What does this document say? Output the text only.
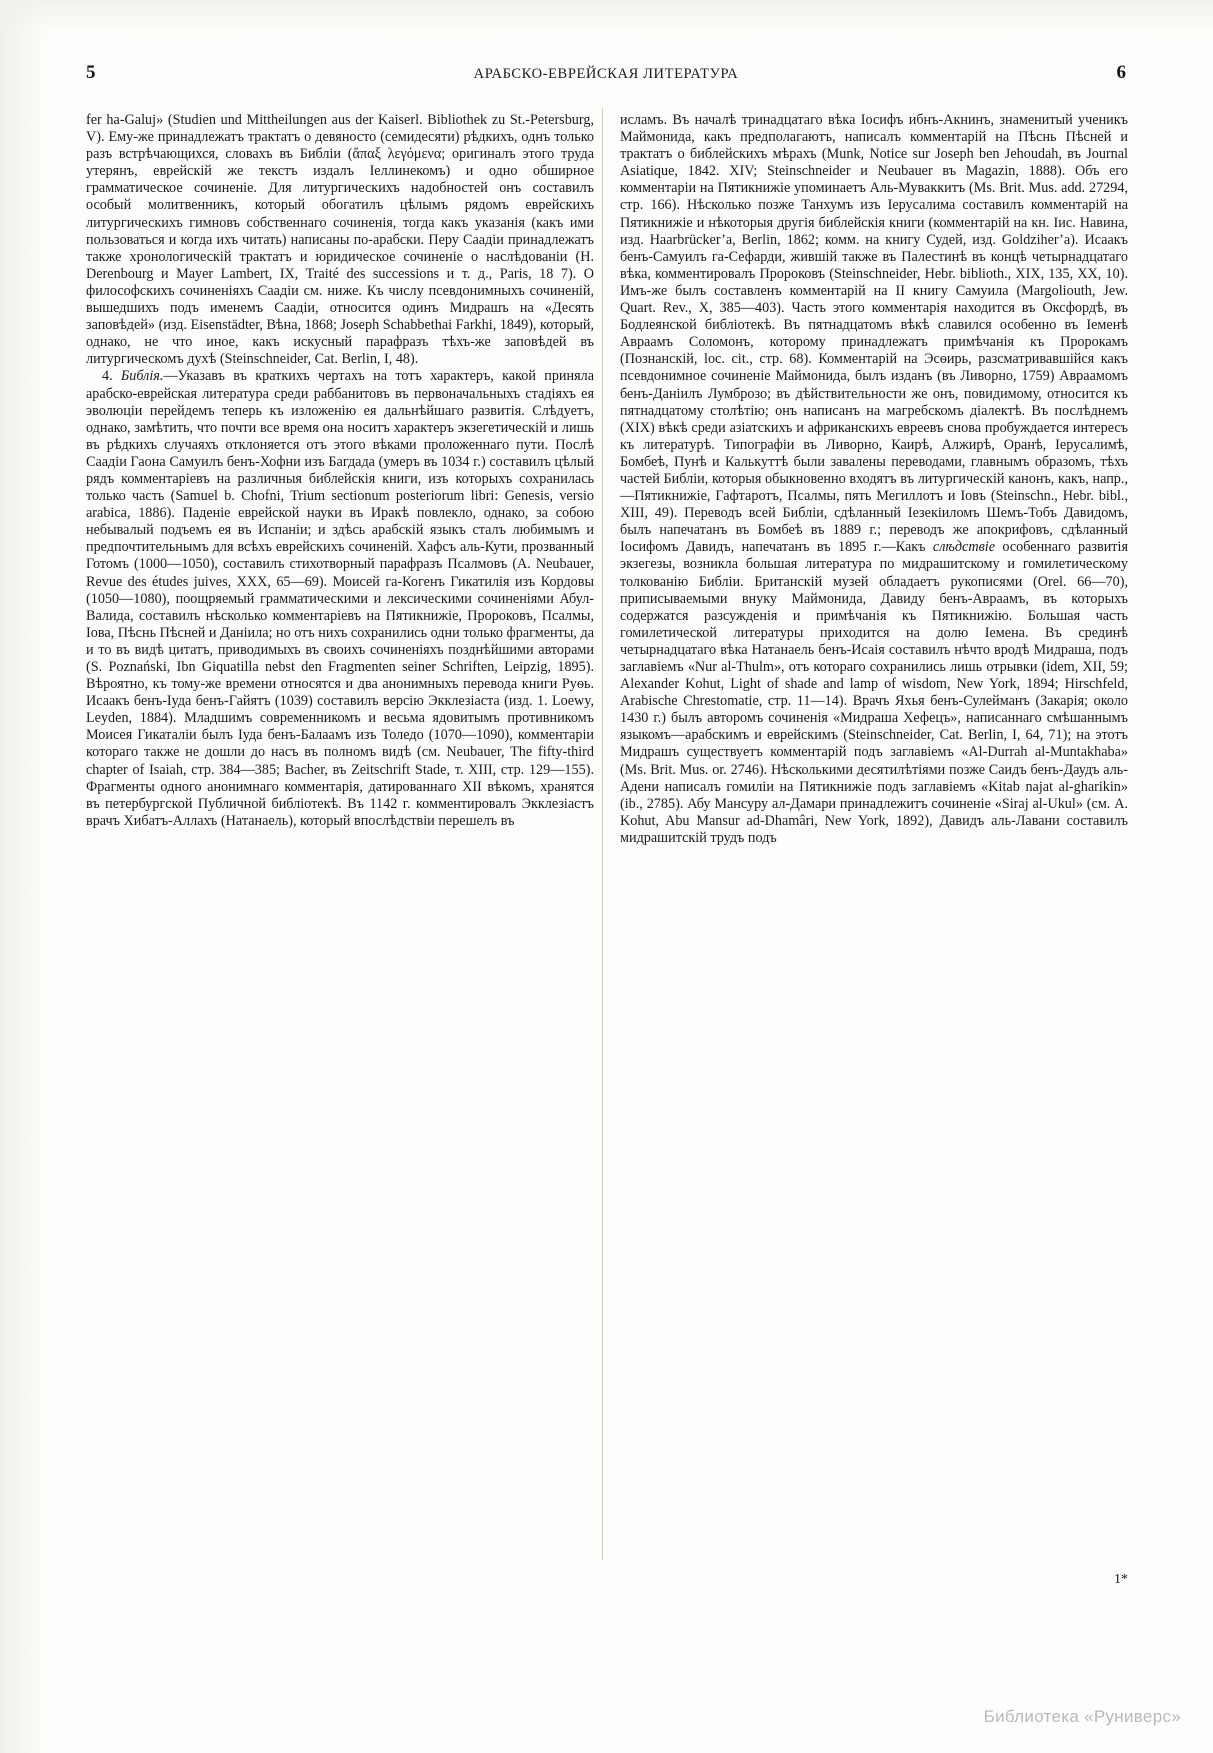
5	АРАБСКО-ЕВРЕЙСКАЯ ЛИТЕРАТУРА	6

fer ha-Galuj» (Studien und Mittheilungen aus der Kaiserl. Bibliothek zu St.-Petersburg, V). Ему-же принадлежатъ трактатъ о девяносто (семидесяти) рѣдкихъ, однъ только разъ встрѣчающихся, словахъ въ Библіи (ἅπαξ λεγόμενα; оригиналъ этого труда утерянъ, еврейскій же текстъ издалъ Іеллинекомъ) и одно обширное грамматическое сочиненіе. Для литургическихъ надобностей онъ составилъ особый молитвенникъ, который обогатилъ цѣлымъ рядомъ еврейскихъ литургическихъ гимновъ собственнаго сочиненія, тогда какъ указанія (какъ ими пользоваться и когда ихъ читать) написаны по-арабски. Перу Саадіи принадлежатъ также хронологическій трактатъ и юридическое сочиненіе о наслѣдованіи (H. Derenbourg и Mayer Lambert, IX, Traité des successions и т. д., Paris, 18 7). О философскихъ сочиненіяхъ Саадіи см. ниже. Къ числу псевдонимныхъ сочиненій, вышедшихъ подъ именемъ Саадіи, относится одинъ Мидрашъ на «Десять заповѣдей» (изд. Eisenstädter, Вѣна, 1868; Joseph Schabbethai Farkhi, 1849), который, однако, не что иное, какъ искусный парафразъ тѣхъ-же заповѣдей въ литургическомъ духѣ (Steinschneider, Cat. Berlin, I, 48).

4. Библія.—Указавъ въ краткихъ чертахъ на тотъ характеръ, какой приняла арабско-еврейская литература среди раббанитовъ въ первоначальныхъ стадіяхъ ея эволюціи перейдемъ теперь къ изложенію ея дальнѣйшаго развитія. Слѣдуетъ, однако, замѣтить, что почти все время она носитъ характеръ экзегетическій и лишь въ рѣдкихъ случаяхъ отклоняется отъ этого вѣками проложеннаго пути. Послѣ Саадіи Гаона Самуилъ бенъ-Хофни изъ Багдада (умеръ въ 1034 г.) составилъ цѣлый рядъ комментаріевъ на различныя библейскія книги, изъ которыхъ сохранилась только часть (Samuel b. Chofni, Trium sectionum posteriorum libri: Genesis, versio arabica, 1886). Паденіе еврейской науки въ Иракѣ повлекло, однако, за собою небывалый подъемъ ея въ Испаніи; и здѣсь арабскій языкъ сталъ любимымъ и предпочтительнымъ для всѣхъ еврейскихъ сочиненій. Хафсъ аль-Кути, прозванный Готомъ (1000—1050), составилъ стихотворный парафразъ Псалмовъ (A. Neubauer, Revue des études juives, XXX, 65—69). Моисей га-Когенъ Гикатилія изъ Кордовы (1050—1080), поощряемый грамматическими и лексическими сочиненіями Абул-Валида, составилъ нѣсколько комментаріевъ на Пятикнижіе, Пророковъ, Псалмы, Іова, Пѣснь Пѣсней и Даніила; но отъ нихъ сохранились одни только фрагменты, да и то въ видѣ цитатъ, приводимыхъ въ своихъ сочиненіяхъ позднѣйшими авторами (S. Poznański, Ibn Giquatilla nebst den Fragmenten seiner Schriften, Leipzig, 1895). Вѣроятно, къ тому-же времени относятся и два анонимныхъ перевода книги Руѳь. Исаакъ бенъ-Іуда бенъ-Гайятъ (1039) составилъ версію Экклезіаста (изд. 1. Loewy, Leyden, 1884). Младшимъ современникомъ и весьма ядовитымъ противникомъ Моисея Гикаталіи былъ Іуда бенъ-Балаамъ изъ Толедо (1070—1090), комментаріи котораго также не дошли до насъ въ полномъ видѣ (см. Neubauer, The fifty-third chapter of Isaiah, стр. 384—385; Bacher, въ Zeitschrift Stade, т. XIII, стр. 129—155). Фрагменты одного анонимнаго комментарія, датированнаго XII вѣкомъ, хранятся въ петербургской Публичной библіотекѣ. Въ 1142 г. комментировалъ Экклезіастъ врачъ Хибатъ-Аллахъ (Натанаель), который впослѣдствіи перешелъ въ

исламъ. Въ началѣ тринадцатаго вѣка Іосифъ ибнъ-Акнинъ, знаменитый ученикъ Маймонида, какъ предполагаютъ, написалъ комментарій на Пѣснь Пѣсней и трактатъ о библейскихъ мѣрахъ (Munk, Notice sur Joseph ben Jehoudah, въ Journal Asiatique, 1842. XIV; Steinschneider и Neubauer въ Magazin, 1888). Объ его комментаріи на Пятикнижіе упоминаетъ Аль-Муваккитъ (Ms. Brit. Mus. add. 27294, стр. 166). Нѣсколько позже Танхумъ изъ Іерусалима составилъ комментарій на Пятикнижіе и нѣкоторыя другія библейскія книги (комментарій на кн. Іис. Навина, изд. Haarbrücker’a, Berlin, 1862; комм. на книгу Судей, изд. Goldziher’a). Исаакъ бенъ-Самуилъ га-Сефарди, жившій также въ Палестинѣ въ концѣ четырнадцатаго вѣка, комментировалъ Пророковъ (Steinschneider, Hebr. biblioth., XIX, 135, XX, 10). Имъ-же былъ составленъ комментарій на II книгу Самуила (Margoliouth, Jew. Quart. Rev., X, 385—403). Часть этого комментарія находится въ Оксфордѣ, въ Бодлеянской библіотекѣ. Въ пятнадцатомъ вѣкѣ славился особенно въ Іеменѣ Авраамъ Соломонъ, которому принадлежатъ примѣчанія къ Пророкамъ (Познанскій, loc. cit., стр. 68). Комментарій на Эсѳирь, разсматривавшійся какъ псевдонимное сочиненіе Маймонида, былъ изданъ (въ Ливорно, 1759) Авраамомъ бенъ-Даніилъ Лумброзо; въ дѣйствительности же онъ, повидимому, относится къ пятнадцатому столѣтію; онъ написанъ на магребскомъ діалектѣ. Въ послѣднемъ (XIX) вѣкѣ среди азіатскихъ и африканскихъ евреевъ снова пробуждается интересъ къ литературѣ. Типографіи въ Ливорно, Каирѣ, Алжирѣ, Оранѣ, Іерусалимѣ, Бомбеѣ, Пунѣ и Калькуттѣ были завалены переводами, главнымъ образомъ, тѣхъ частей Библіи, которыя обыкновенно входятъ въ литургическій канонъ, какъ, напр.,—Пятикнижіе, Гафтаротъ, Псалмы, пять Мегиллотъ и Іовъ (Steinschn., Hebr. bibl., XIII, 49). Переводъ всей Библіи, сдѣланный Іезекіиломъ Шемъ-Тобъ Давидомъ, былъ напечатанъ въ Бомбеѣ въ 1889 г.; переводъ же апокрифовъ, сдѣланный Іосифомъ Давидъ, напечатанъ въ 1895 г.—Какъ слѣдствіе особеннаго развитія экзегезы, возникла большая литература по мидрашитскому и гомилетическому толкованію Библіи. Британскій музей обладаетъ рукописями (Orel. 66—70), приписываемыми внуку Маймонида, Давиду бенъ-Авраамъ, въ которыхъ содержатся разсужденія и примѣчанія къ Пятикнижію. Большая часть гомилетической литературы приходится на долю Іемена. Въ срединѣ четырнадцатаго вѣка Натанаель бенъ-Исаія составилъ нѣчто вродѣ Мидраша, подъ заглавіемъ «Nur al-Thulm», отъ котораго сохранились лишь отрывки (idem, XII, 59; Alexander Kohut, Light of shade and lamp of wisdom, New York, 1894; Hirschfeld, Arabische Chrestomatie, стр. 11—14). Врачъ Яхья бенъ-Сулейманъ (Закарія; около 1430 г.) былъ авторомъ сочиненія «Мидраша Хефецъ», написаннаго смѣшаннымъ языкомъ—арабскимъ и еврейскимъ (Steinschneider, Cat. Berlin, I, 64, 71); на этотъ Мидрашъ существуетъ комментарій подъ заглавіемъ «Al-Durrah al-Muntakhaba» (Ms. Brit. Mus. or. 2746). Нѣсколькими десятилѣтіями позже Саидъ бенъ-Даудъ аль-Адени написалъ гомиліи на Пятикнижіе подъ заглавіемъ «Kitab najat al-gharikin» (ib., 2785). Абу Мансуру ал-Дамари принадлежитъ сочиненіе «Siraj al-Ukul» (см. A. Kohut, Abu Mansur ad-Dhamâri, New York, 1892), Давидъ аль-Лавани составилъ мидрашитскій трудъ подъ

1*
Библиотека «Руниверс»
